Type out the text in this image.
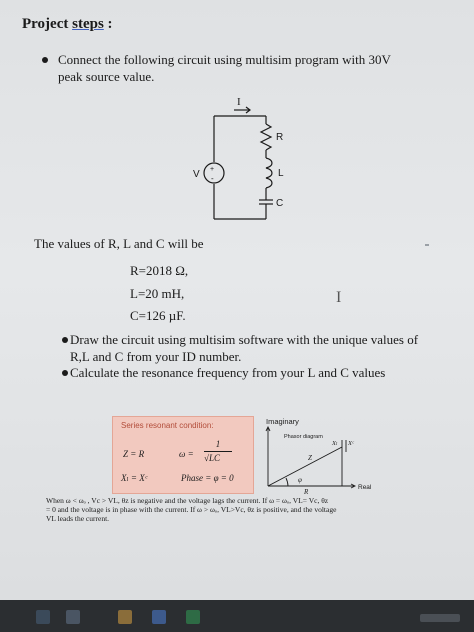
Project steps :
Connect the following circuit using multisim program with 30V
peak source value.
+
-
I
V
R
L
C
The values of R, L and C will be
R=2018 Ω,
L=20 mH,
C=126 µF.
I
Draw the circuit using multisim software with the unique values of
R,L and C from your ID number.
Calculate the resonance frequency from your L and C values
Series resonant condition:
Z = R	ω =
1
√LC
Xₗ = Xᶜ	Phase = φ = 0
Imaginary
Phasor diagram
Xₗ Xᶜ
Z
φ
R
Real
When ω < ωₒ , Vc > VL, θz is negative and the voltage lags the current. If ω = ωₒ, VL= Vc, θz
= 0 and the voltage is in phase with the current. If ω > ωₒ, VL>Vc, θz is positive, and the voltage
VL leads the current.
